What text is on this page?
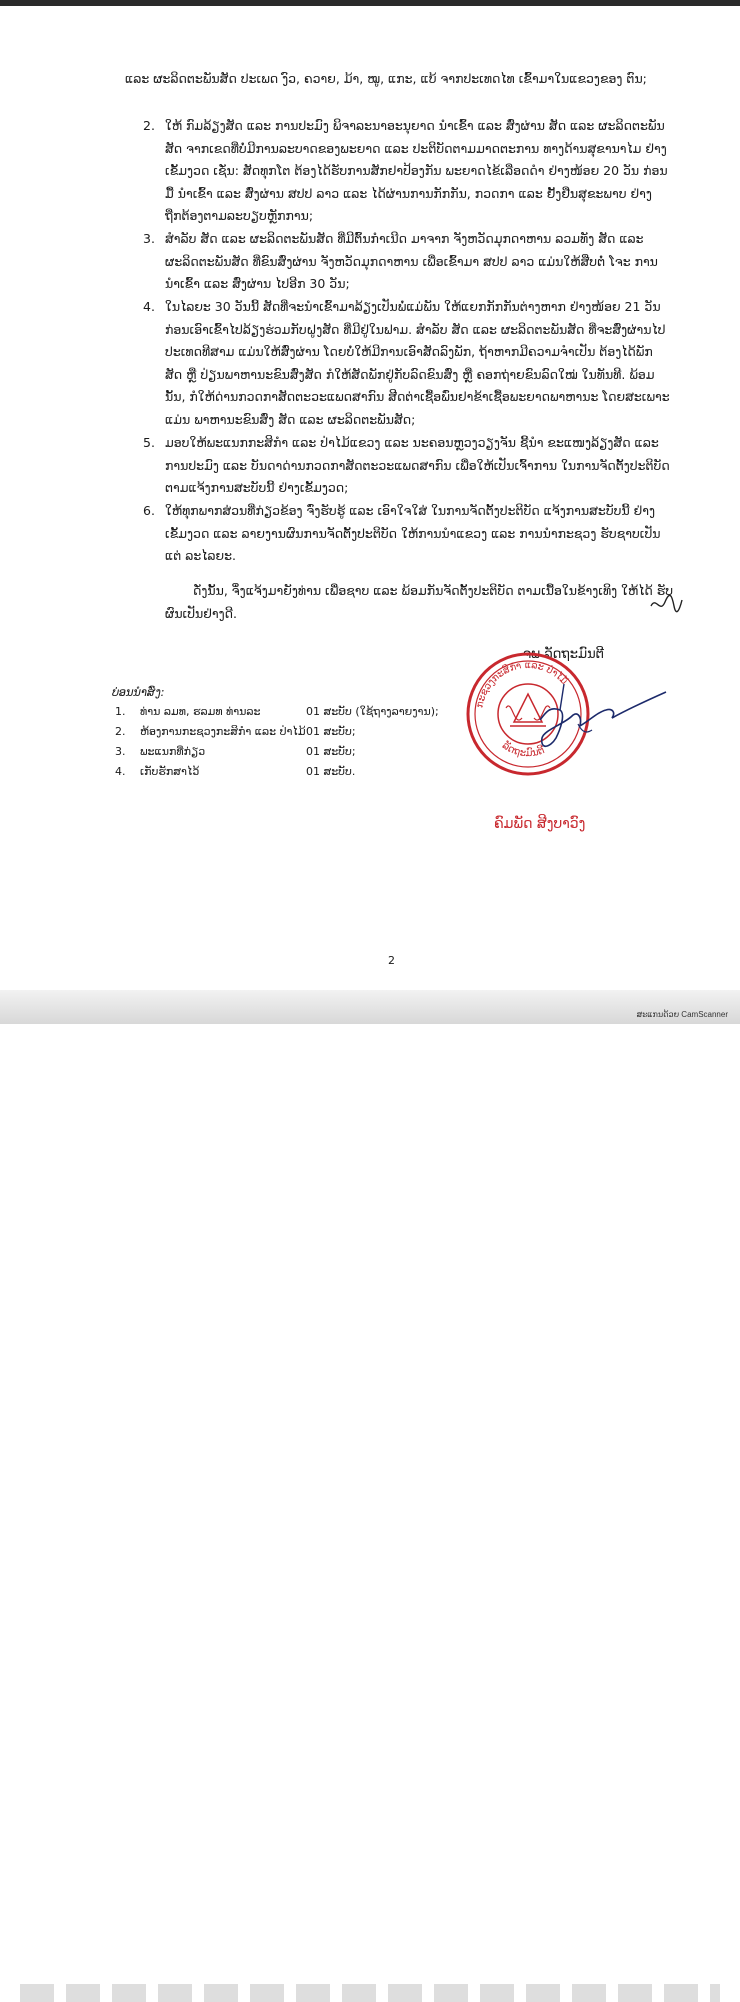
ແລະ ຜະລິດຕະພັນສັດ ປະເພດ ງົວ, ຄວາຍ, ມ້າ, ໝູ, ແກະ, ແບ້ ຈາກປະເທດໄທ ເຂົ້າມາໃນແຂວງຂອງ ຕົນ;
2. ໃຫ້ ກົມລ້ຽງສັດ ແລະ ການປະມົງ ພິຈາລະນາອະນຸຍາດ ນຳເຂົ້າ ແລະ ສົ່ງຜ່ານ ສັດ ແລະ ຜະລິດຕະພັນ ສັດ ຈາກເຂດທີ່ບໍ່ມີການລະບາດຂອງພະຍາດ ແລະ ປະຕິບັດຕາມມາດຕະການ ທາງດ້ານສຸຂານາໄມ ຢ່າງ ເຂັ້ມງວດ ເຊັ່ນ: ສັດທຸກໂຕ ຕ້ອງໄດ້ຮັບການສັກຢາປ້ອງກັນ ພະຍາດໄຂ້ເລືອດດຳ ຢ່າງໜ້ອຍ 20 ວັນ ກ່ອນມື້ ນຳເຂົ້າ ແລະ ສົ່ງຜ່ານ ສປປ ລາວ ແລະ ໄດ້ຜ່ານການກັກກັນ, ກວດກາ ແລະ ຢັ້ງຢືນສຸຂະພາບ ຢ່າງ ຖືກຕ້ອງຕາມລະບຽບຫຼັກການ;
3. ສຳລັບ ສັດ ແລະ ຜະລິດຕະພັນສັດ ທີ່ມີຕົ້ນກຳເນີດ ມາຈາກ ຈັງຫວັດມຸກດາຫານ ລວມທັງ ສັດ ແລະ ຜະລິດຕະພັນສັດ ທີ່ຂົນສົ່ງຜ່ານ ຈັງຫວັດມຸກດາຫານ ເພື່ອເຂົ້າມາ ສປປ ລາວ ແມ່ນໃຫ້ສືບຕໍ່ ໂຈະ ການ ນຳເຂົ້າ ແລະ ສົ່ງຜ່ານ ໄປອີກ 30 ວັນ;
4. ໃນໄລຍະ 30 ວັນນີ້ ສັດທີ່ຈະນຳເຂົ້າມາລ້ຽງເປັນພໍ່ແມ່ພັນ ໃຫ້ແຍກກັກກັນຕ່າງຫາກ ຢ່າງໜ້ອຍ 21 ວັນ ກ່ອນເອົາເຂົ້າໄປລ້ຽງຮ່ວມກັບຝູງສັດ ທີ່ມີຢູ່ໃນຟາມ. ສຳລັບ ສັດ ແລະ ຜະລິດຕະພັນສັດ ທີ່ຈະສົ່ງຜ່ານໄປ ປະເທດທີສາມ ແມ່ນໃຫ້ສົ່ງຜ່ານ ໂດຍບໍ່ໃຫ້ມີການເອົາສັດລົງພັກ, ຖ້າຫາກມີຄວາມຈຳເປັນ ຕ້ອງໄດ້ພັກ ສັດ ຫຼື ປ່ຽນພາຫານະຂົນສົ່ງສັດ ກໍໃຫ້ສັດພັກຢູ່ກັບລົດຂົນສົ່ງ ຫຼື ຄອກຖ່າຍຂົນລົດໃໝ່ ໃນທັນທີ. ພ້ອມ ນັ້ນ, ກໍໃຫ້ດ່ານກວດກາສັດຕະວະແພດສາກົນ ສີດຕ່າເຊື້ອພົ່ນຢາຂ້າເຊື້ອພະຍາດພາຫານະ ໂດຍສະເພາະແມ່ນ ພາຫານະຂົນສົ່ງ ສັດ ແລະ ຜະລິດຕະພັນສັດ;
5. ມອບໃຫ້ພະແນກກະສິກຳ ແລະ ປ່າໄມ້ແຂວງ ແລະ ນະຄອນຫຼວງວຽງຈັນ ຊີ້ນຳ ຂະແໜງລ້ຽງສັດ ແລະ ການປະມົງ ແລະ ບັນດາດ່ານກວດກາສັດຕະວະແພດສາກົນ ເພື່ອໃຫ້ເປັນເຈົ້າການ ໃນການຈັດຕັ້ງປະຕິບັດ ຕາມແຈ້ງການສະບັບນີ້ ຢ່າງເຂັ້ມງວດ;
6. ໃຫ້ທຸກພາກສ່ວນທີ່ກ່ຽວຂ້ອງ ຈົ່ງຮັບຮູ້ ແລະ ເອົາໃຈໃສ່ ໃນການຈັດຕັ້ງປະຕິບັດ ແຈ້ງການສະບັບນີ້ ຢ່າງ ເຂັ້ມງວດ ແລະ ລາຍງານຜົນການຈັດຕັ້ງປະຕິບັດ ໃຫ້ການນຳແຂວງ ແລະ ການນຳກະຊວງ ຮັບຊາບເປັນແຕ່ ລະໄລຍະ.
ດັ່ງນັ້ນ, ຈຶ່ງແຈ້ງມາຍັງທ່ານ ເພື່ອຊາບ ແລະ ພ້ອມກັນຈັດຕັ້ງປະຕິບັດ ຕາມເນື້ອໃນຂ້າງເທິງ ໃຫ້ໄດ້ ຮັບຜົນເປັນຢ່າງດີ.
ຈພ ລັດຖະມົນຕີ
ກະຊວງກະສິກຳ ແລະ ປ່າໄມ້
ລັດຖະມົນຕີ
ຄົມພັດ ສີງບາວົງ
ບ່ອນນຳສົ່ງ:
1. ທ່ານ ລມທ, ຮລມທ ທ່ານລະ	01 ສະບັບ (ໃຊ້ຖາງລາຍງານ);
2. ຫ້ອງການກະຊວງກະສິກຳ ແລະ ປ່າໄມ້ 01 ສະບັບ;
3. ພະແນກທີ່ກ່ຽວ	01 ສະບັບ;
4. ເກັບຮັກສາໄວ້	01 ສະບັບ.
2
ສະແກນດ້ວຍ CamScanner
